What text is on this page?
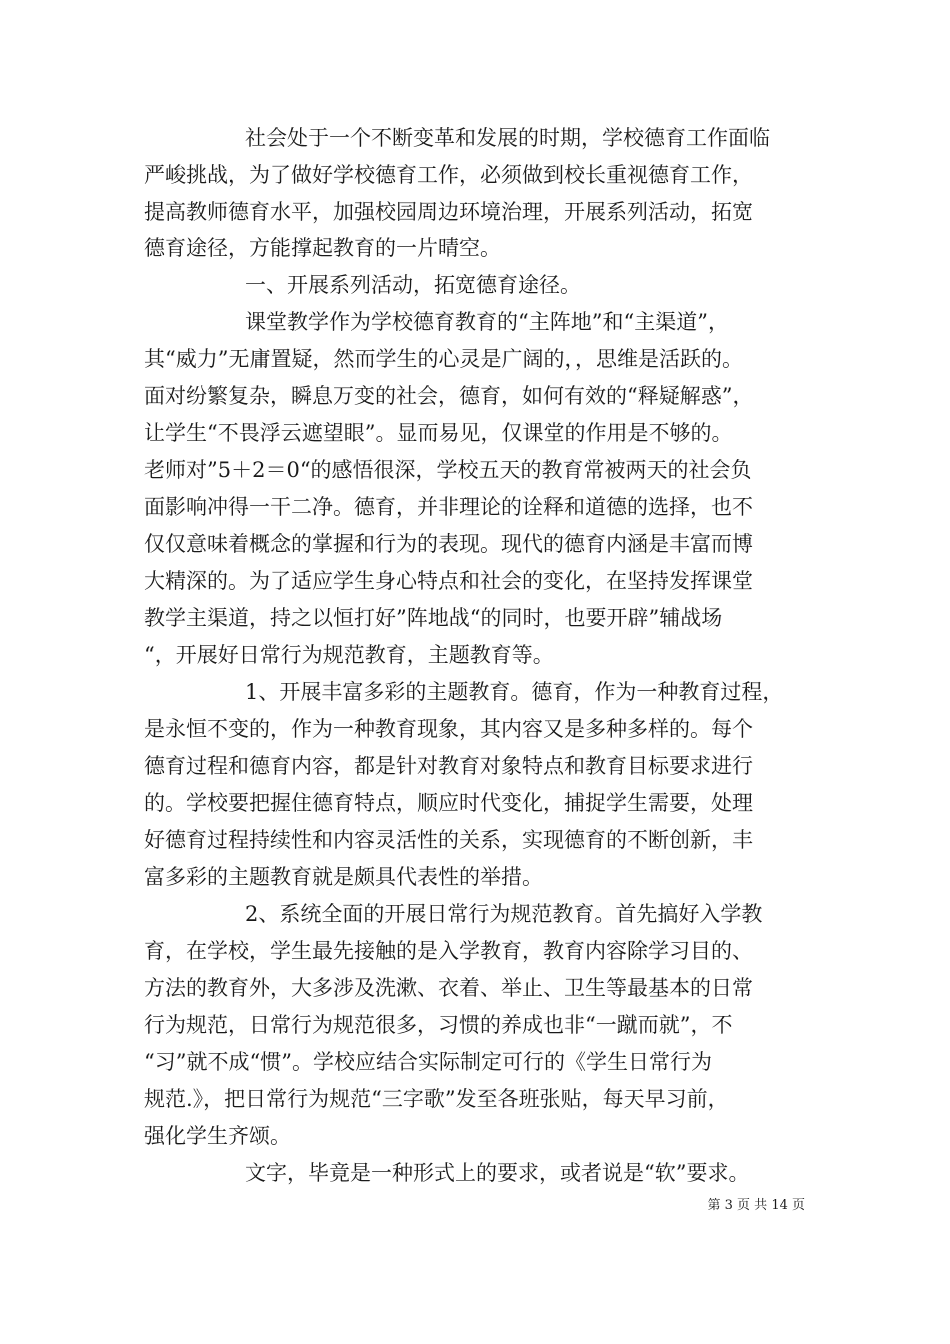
社会处于一个不断变革和发展的时期，学校德育工作面临
严峻挑战，为了做好学校德育工作，必须做到校长重视德育工作，
提高教师德育水平，加强校园周边环境治理，开展系列活动，拓宽
德育途径，方能撑起教育的一片晴空。
一、开展系列活动，拓宽德育途径。
课堂教学作为学校德育教育的“主阵地”和“主渠道”，
其“威力”无庸置疑，然而学生的心灵是广阔的，，思维是活跃的。
面对纷繁复杂，瞬息万变的社会，德育，如何有效的“释疑解惑”，
让学生“不畏浮云遮望眼”。显而易见，仅课堂的作用是不够的。
老师对”5＋2＝0“的感悟很深，学校五天的教育常被两天的社会负
面影响冲得一干二净。德育，并非理论的诠释和道德的选择，也不
仅仅意味着概念的掌握和行为的表现。现代的德育内涵是丰富而博
大精深的。为了适应学生身心特点和社会的变化，在坚持发挥课堂
教学主渠道，持之以恒打好”阵地战“的同时，也要开辟”辅战场
“，开展好日常行为规范教育，主题教育等。
1、开展丰富多彩的主题教育。德育，作为一种教育过程，
是永恒不变的，作为一种教育现象，其内容又是多种多样的。每个
德育过程和德育内容，都是针对教育对象特点和教育目标要求进行
的。学校要把握住德育特点，顺应时代变化，捕捉学生需要，处理
好德育过程持续性和内容灵活性的关系，实现德育的不断创新，丰
富多彩的主题教育就是颇具代表性的举措。
2、系统全面的开展日常行为规范教育。首先搞好入学教
育，在学校，学生最先接触的是入学教育，教育内容除学习目的、
方法的教育外，大多涉及洗漱、衣着、举止、卫生等最基本的日常
行为规范，日常行为规范很多，习惯的养成也非“一蹴而就”，不
“习”就不成“惯”。学校应结合实际制定可行的《学生日常行为
规范.》，把日常行为规范“三字歌”发至各班张贴，每天早习前，
强化学生齐颂。
文字，毕竟是一种形式上的要求，或者说是“软”要求。
第 3 页 共 14 页
